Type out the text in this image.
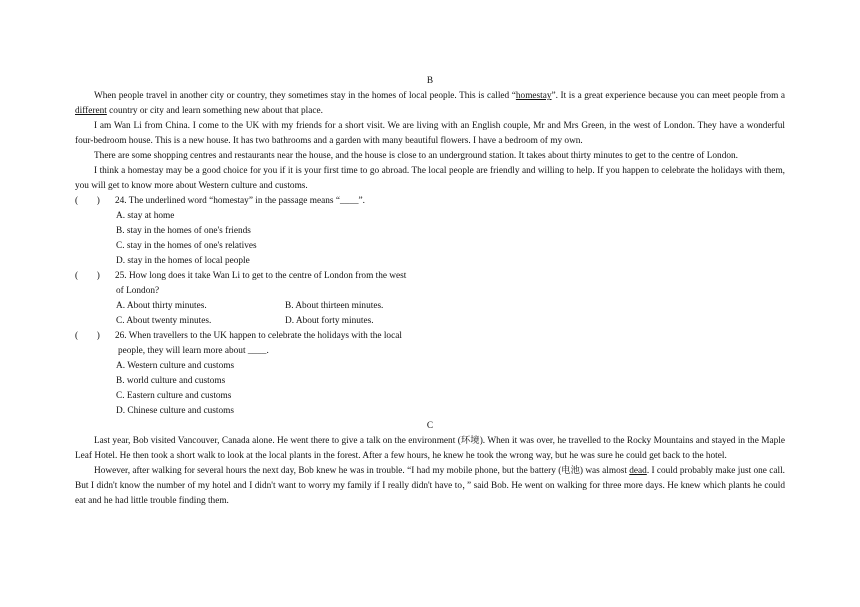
B

When people travel in another city or country, they sometimes stay in the homes of local people. This is called “homestay”. It is a great experience because you can meet people from a different country or city and learn something new about that place.

I am Wan Li from China. I come to the UK with my friends for a short visit. We are living with an English couple, Mr and Mrs Green, in the west of London. They have a wonderful four-bedroom house. This is a new house. It has two bathrooms and a garden with many beautiful flowers. I have a bedroom of my own.

There are some shopping centres and restaurants near the house, and the house is close to an underground station. It takes about thirty minutes to get to the centre of London.

I think a homestay may be a good choice for you if it is your first time to go abroad. The local people are friendly and willing to help. If you happen to celebrate the holidays with them, you will get to know more about Western culture and customs.

(        )	24. The underlined word “homestay” in the passage means “____”.
A. stay at home
B. stay in the homes of one's friends
C. stay in the homes of one's relatives
D. stay in the homes of local people
(        )	25. How long does it take Wan Li to get to the centre of London from the west
of London?
A. About thirty minutes.	B. About thirteen minutes.
C. About twenty minutes.	D. About forty minutes.
(        )	26. When travellers to the UK happen to celebrate the holidays with the local
people, they will learn more about ____.
A. Western culture and customs
B. world culture and customs
C. Eastern culture and customs
D. Chinese culture and customs
C

Last year, Bob visited Vancouver, Canada alone. He went there to give a talk on the environment (环境). When it was over, he travelled to the Rocky Mountains and stayed in the Maple Leaf Hotel. He then took a short walk to look at the local plants in the forest. After a few hours, he knew he took the wrong way, but he was sure he could get back to the hotel.

However, after walking for several hours the next day, Bob knew he was in trouble. “I had my mobile phone, but the battery (电池) was almost dead. I could probably make just one call. But I didn't know the number of my hotel and I didn't want to worry my family if I really didn't have to，” said Bob. He went on walking for three more days. He knew which plants he could eat and he had little trouble finding them.
